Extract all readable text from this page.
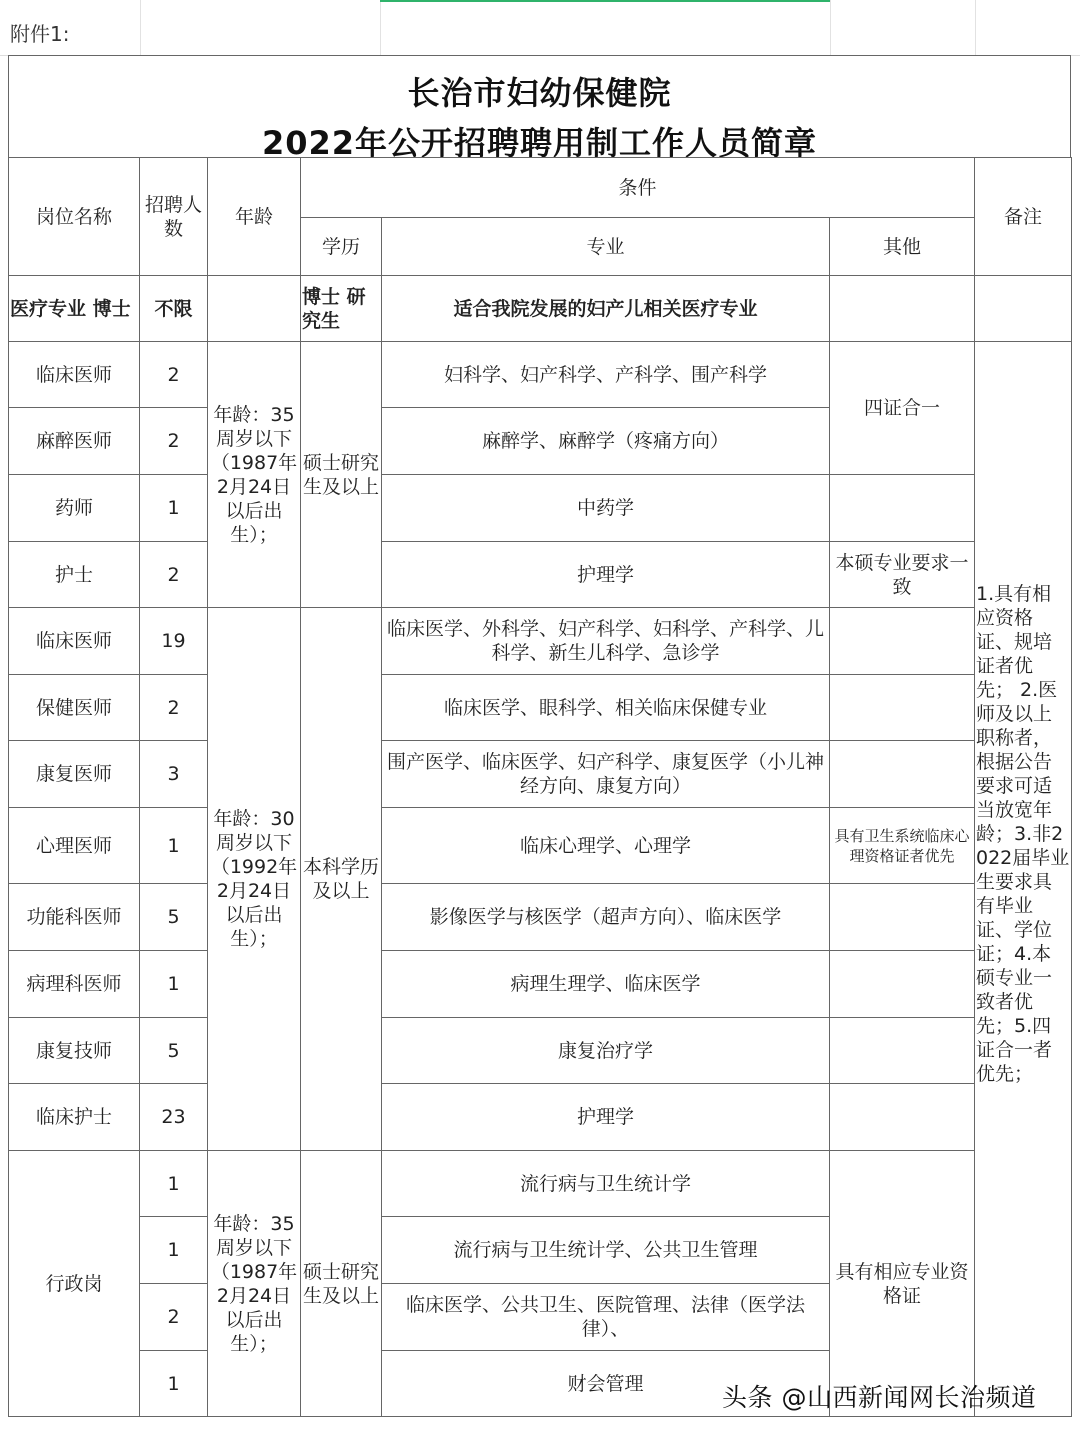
附件1:
长治市妇幼保健院
2022年公开招聘聘用制工作人员简章
岗位名称	招聘人数	年龄	条件			备注
			学历	专业	其他	
医疗专业 博士	不限		博士 研究生	适合我院发展的妇产儿相关医疗专业		
临床医师	2	年龄：35周岁以下（1987年2月24日以后出生）；	硕士研究生及以上	妇科学、妇产科学、产科学、围产科学	四证合一	1.具有相应资格证、规培证者优先； 2.医师及以上职称者，根据公告要求可适当放宽年龄；3.非2022届毕业生要求具有毕业证、学位证；4.本硕专业一致者优先；5.四证合一者优先；
麻醉医师	2			麻醉学、麻醉学（疼痛方向）		
药师	1			中药学		
护士	2			护理学	本硕专业要求一致	
临床医师	19	年龄：30周岁以下（1992年2月24日以后出生）；	本科学历及以上	临床医学、外科学、妇产科学、妇科学、产科学、儿科学、新生儿科学、急诊学		
保健医师	2			临床医学、眼科学、相关临床保健专业		
康复医师	3			围产医学、临床医学、妇产科学、康复医学（小儿神经方向、康复方向）		
心理医师	1			临床心理学、心理学	具有卫生系统临床心理资格证者优先	
功能科医师	5			影像医学与核医学（超声方向）、临床医学		
病理科医师	1			病理生理学、临床医学		
康复技师	5			康复治疗学		
临床护士	23			护理学		
行政岗	1	年龄：35周岁以下（1987年2月24日以后出生）；	硕士研究生及以上	流行病与卫生统计学	具有相应专业资格证	
	1			流行病与卫生统计学、公共卫生管理		
	2			临床医学、公共卫生、医院管理、法律（医学法律）、		
	1			财会管理			头条 @山西新闻网长治频道
